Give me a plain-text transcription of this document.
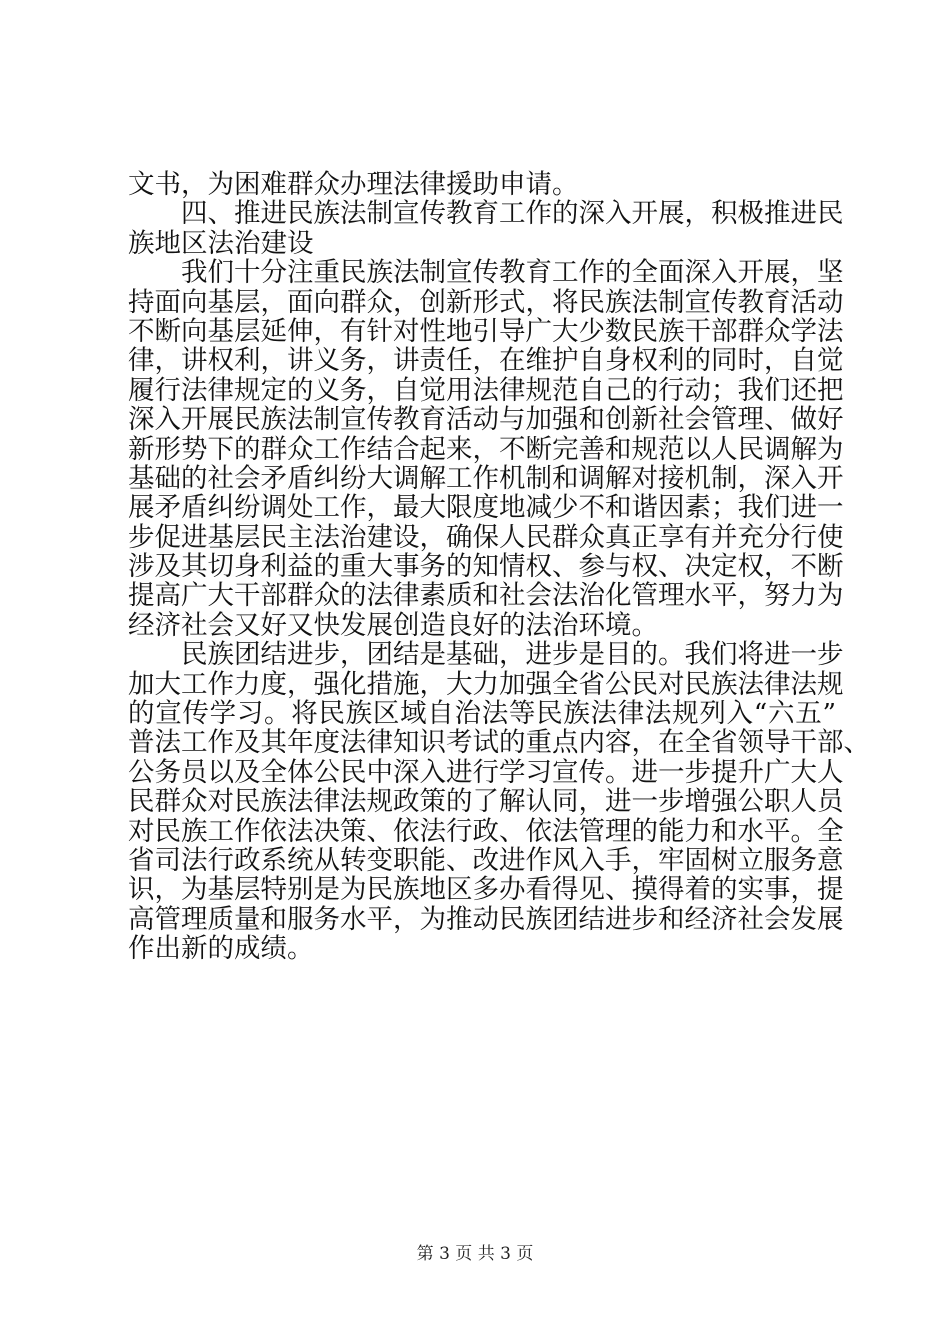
文书，为困难群众办理法律援助申请。
　　四、推进民族法制宣传教育工作的深入开展，积极推进民
族地区法治建设
　　我们十分注重民族法制宣传教育工作的全面深入开展，坚
持面向基层，面向群众，创新形式，将民族法制宣传教育活动
不断向基层延伸，有针对性地引导广大少数民族干部群众学法
律，讲权利，讲义务，讲责任，在维护自身权利的同时，自觉
履行法律规定的义务，自觉用法律规范自己的行动；我们还把
深入开展民族法制宣传教育活动与加强和创新社会管理、做好
新形势下的群众工作结合起来，不断完善和规范以人民调解为
基础的社会矛盾纠纷大调解工作机制和调解对接机制，深入开
展矛盾纠纷调处工作，最大限度地减少不和谐因素；我们进一
步促进基层民主法治建设，确保人民群众真正享有并充分行使
涉及其切身利益的重大事务的知情权、参与权、决定权，不断
提高广大干部群众的法律素质和社会法治化管理水平，努力为
经济社会又好又快发展创造良好的法治环境。
　　民族团结进步，团结是基础，进步是目的。我们将进一步
加大工作力度，强化措施，大力加强全省公民对民族法律法规
的宣传学习。将民族区域自治法等民族法律法规列入“六五”
普法工作及其年度法律知识考试的重点内容，在全省领导干部、
公务员以及全体公民中深入进行学习宣传。进一步提升广大人
民群众对民族法律法规政策的了解认同，进一步增强公职人员
对民族工作依法决策、依法行政、依法管理的能力和水平。全
省司法行政系统从转变职能、改进作风入手，牢固树立服务意
识，为基层特别是为民族地区多办看得见、摸得着的实事，提
高管理质量和服务水平，为推动民族团结进步和经济社会发展
作出新的成绩。
第 3 页 共 3 页
